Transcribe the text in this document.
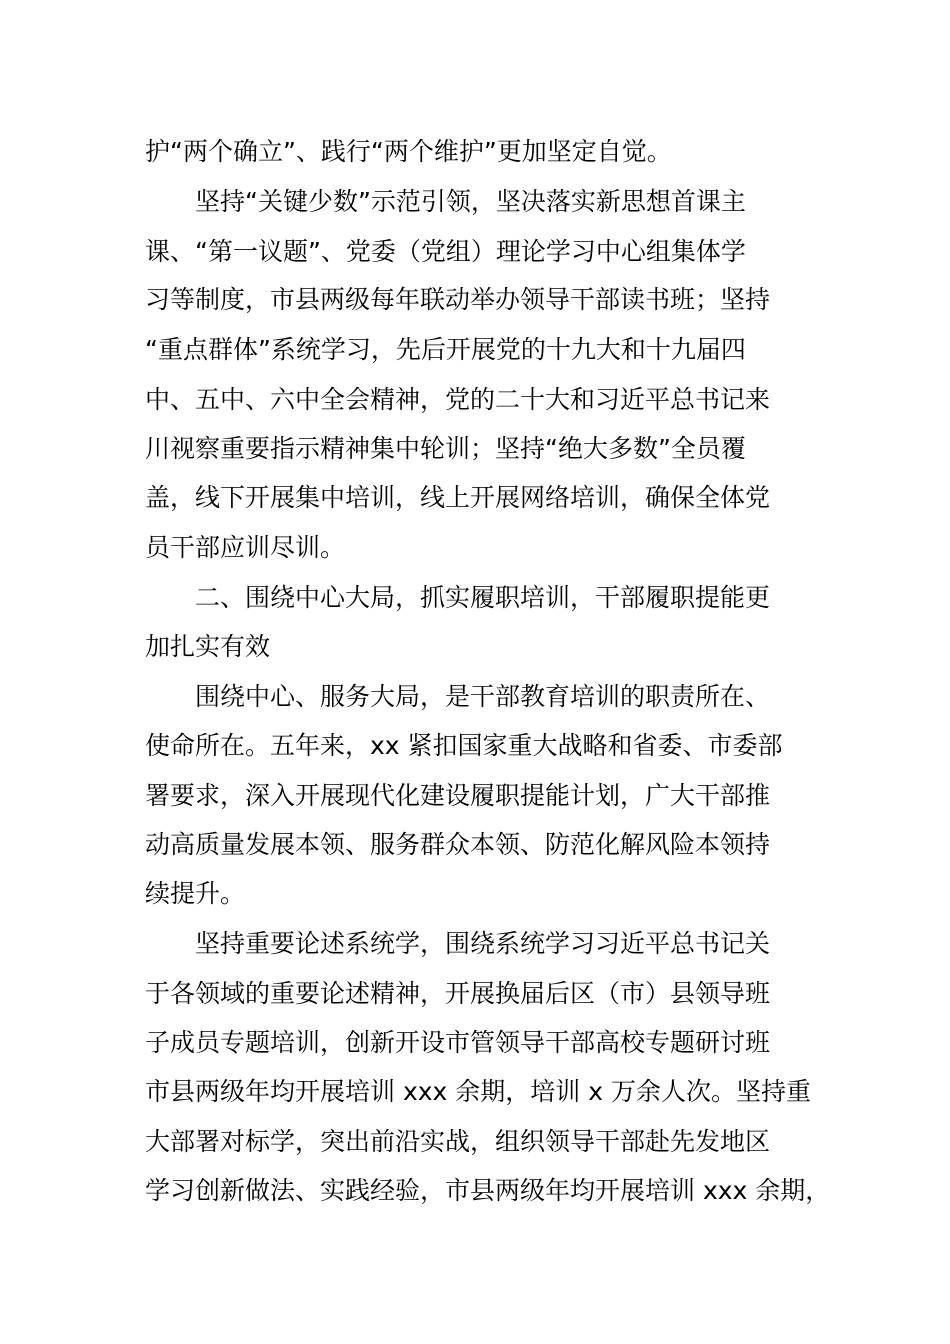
护“两个确立”、践行“两个维护”更加坚定自觉。
坚持“关键少数”示范引领，坚决落实新思想首课主
课、“第一议题”、党委（党组）理论学习中心组集体学
习等制度，市县两级每年联动举办领导干部读书班；坚持
“重点群体”系统学习，先后开展党的十九大和十九届四
中、五中、六中全会精神，党的二十大和习近平总书记来
川视察重要指示精神集中轮训；坚持“绝大多数”全员覆
盖，线下开展集中培训，线上开展网络培训，确保全体党
员干部应训尽训。
二、围绕中心大局，抓实履职培训，干部履职提能更
加扎实有效
围绕中心、服务大局，是干部教育培训的职责所在、
使命所在。五年来，xx 紧扣国家重大战略和省委、市委部
署要求，深入开展现代化建设履职提能计划，广大干部推
动高质量发展本领、服务群众本领、防范化解风险本领持
续提升。
坚持重要论述系统学，围绕系统学习习近平总书记关
于各领域的重要论述精神，开展换届后区（市）县领导班
子成员专题培训，创新开设市管领导干部高校专题研讨班
市县两级年均开展培训 xxx 余期，培训 x 万余人次。坚持重
大部署对标学，突出前沿实战，组织领导干部赴先发地区
学习创新做法、实践经验，市县两级年均开展培训 xxx 余期，
